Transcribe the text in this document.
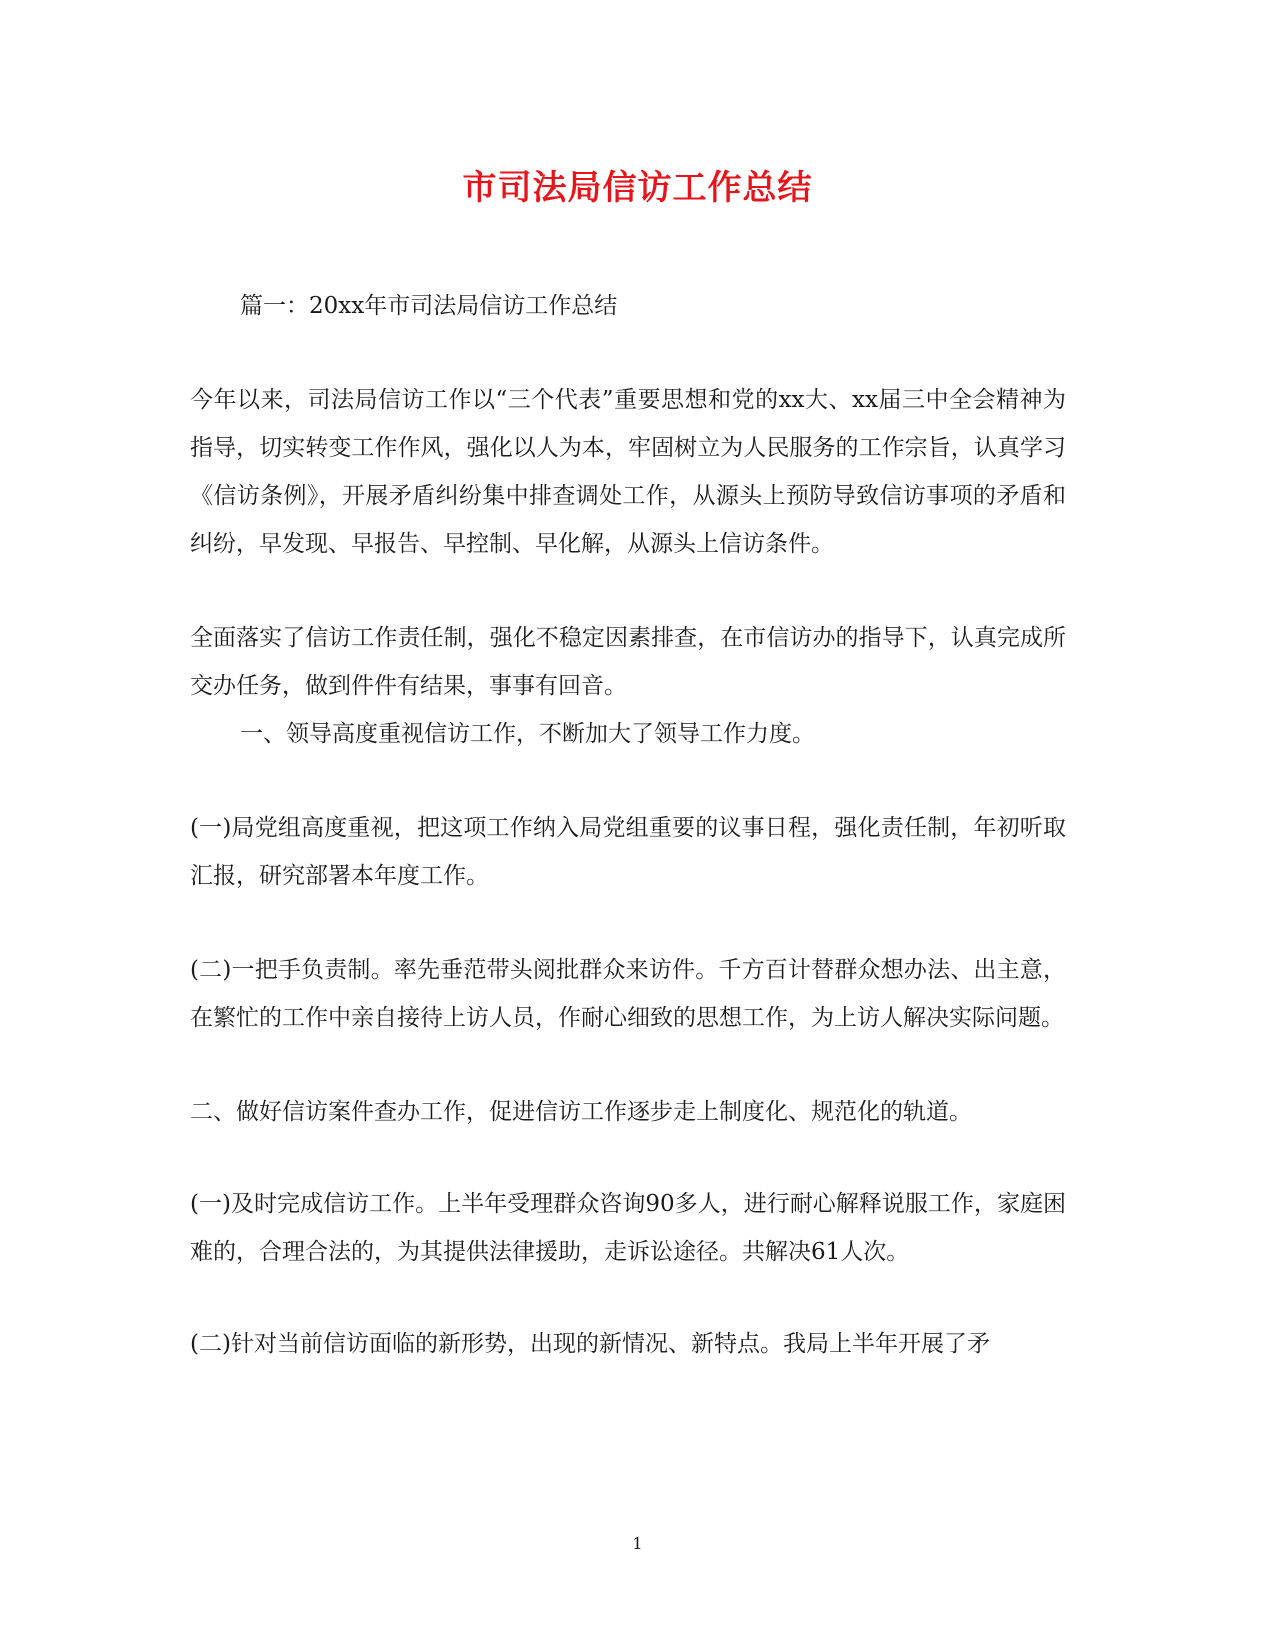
市司法局信访工作总结

篇一：20xx年市司法局信访工作总结

今年以来，司法局信访工作以“三个代表”重要思想和党的xx大、xx届三中全会精神为指导，切实转变工作作风，强化以人为本，牢固树立为人民服务的工作宗旨，认真学习《信访条例》，开展矛盾纠纷集中排查调处工作，从源头上预防导致信访事项的矛盾和纠纷，早发现、早报告、早控制、早化解，从源头上信访条件。

全面落实了信访工作责任制，强化不稳定因素排查，在市信访办的指导下，认真完成所交办任务，做到件件有结果，事事有回音。

一、领导高度重视信访工作，不断加大了领导工作力度。

(一)局党组高度重视，把这项工作纳入局党组重要的议事日程，强化责任制，年初听取汇报，研究部署本年度工作。

(二)一把手负责制。率先垂范带头阅批群众来访件。千方百计替群众想办法、出主意，在繁忙的工作中亲自接待上访人员，作耐心细致的思想工作，为上访人解决实际问题。

二、做好信访案件查办工作，促进信访工作逐步走上制度化、规范化的轨道。

(一)及时完成信访工作。上半年受理群众咨询90多人，进行耐心解释说服工作，家庭困难的，合理合法的，为其提供法律援助，走诉讼途径。共解决61人次。

(二)针对当前信访面临的新形势，出现的新情况、新特点。我局上半年开展了矛

1
